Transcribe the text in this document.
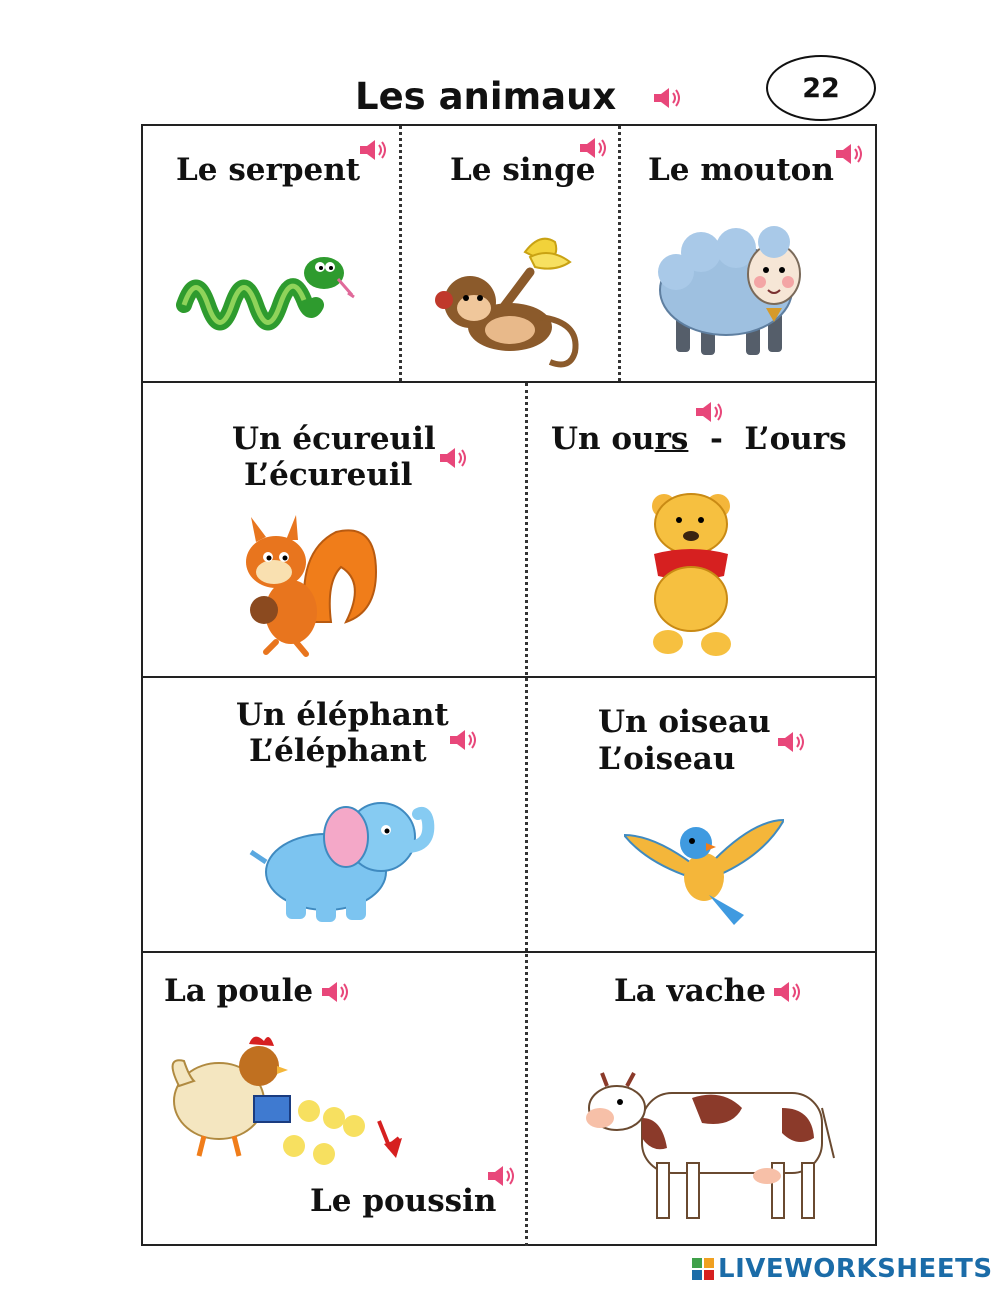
Les animaux	22
Le serpent	Le singe Le mouton
Un écureuil
L’écureuil
Un ours  -  L’ours
Un éléphant
L’éléphant
Un oiseau
L’oiseau
La poule
Le poussin
La vache
LIVEWORKSHEETS
